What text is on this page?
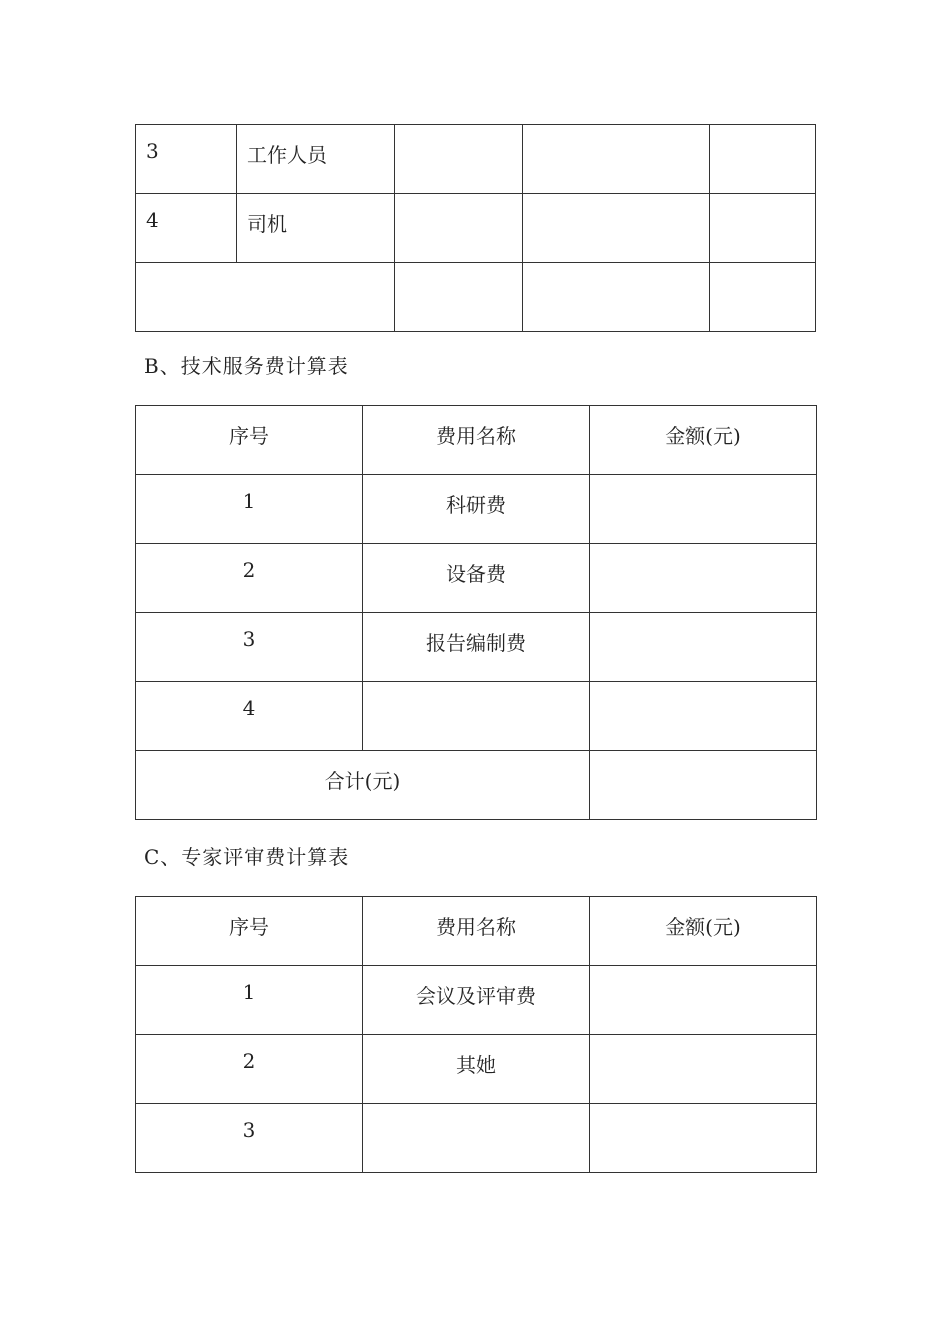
3	工作人员			
4	司机			

B、技术服务费计算表
序号	费用名称	金额(元)
1	科研费	
2	设备费	
3	报告编制费	
4		
合计(元)		
C、专家评审费计算表
序号	费用名称	金额(元)
1	会议及评审费	
2	其她	
3		
